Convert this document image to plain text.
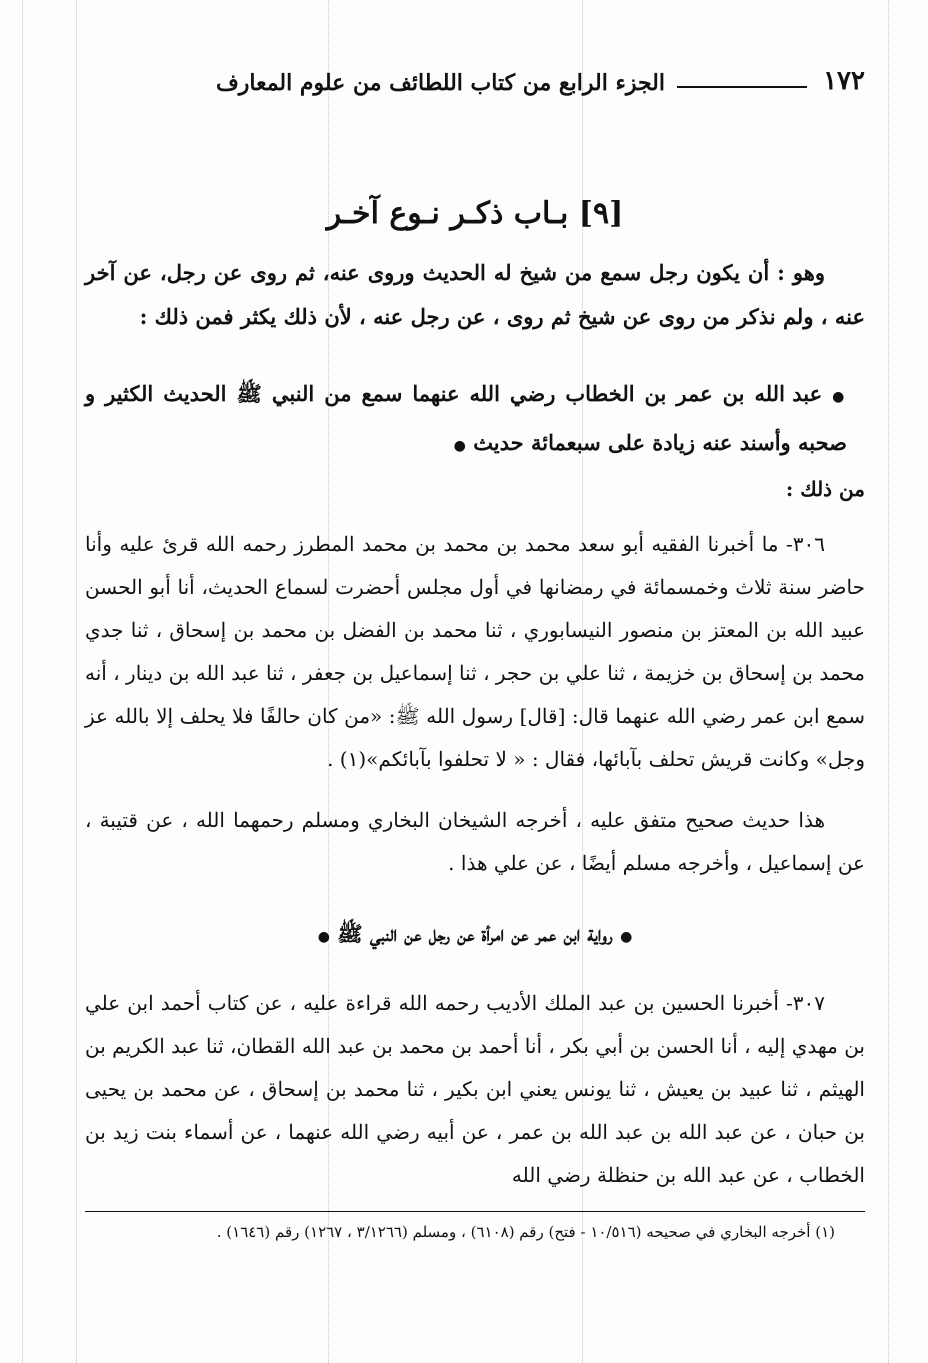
١٧٢
الجزء الرابع من كتاب اللطائف من علوم المعارف
[٩] بـاب ذكـر نـوع آخـر

وهو : أن يكون رجل سمع من شيخ له الحديث وروى عنه، ثم روى عن رجل، عن آخر عنه ، ولم نذكر من روى عن شيخ ثم روى ، عن رجل عنه ، لأن ذلك يكثر فمن ذلك :

● عبد الله بن عمر بن الخطاب رضي الله عنهما سمع من النبي ﷺ الحديث الكثير و صحبه وأسند عنه زيادة على سبعمائة حديث ●

من ذلك :

٣٠٦- ما أخبرنا الفقيه أبو سعد محمد بن محمد بن محمد المطرز رحمه الله قرئ عليه وأنا حاضر سنة ثلاث وخمسمائة في رمضانها في أول مجلس أحضرت لسماع الحديث، أنا أبو الحسن عبيد الله بن المعتز بن منصور النيسابوري ، ثنا محمد بن الفضل بن محمد بن إسحاق ، ثنا جدي محمد بن إسحاق بن خزيمة ، ثنا علي بن حجر ، ثنا إسماعيل بن جعفر ، ثنا عبد الله بن دينار ، أنه سمع ابن عمر رضي الله عنهما قال: [قال] رسول الله ﷺ: «من كان حالفًا فلا يحلف إلا بالله عز وجل» وكانت قريش تحلف بآبائها، فقال : « لا تحلفوا بآبائكم»(١) .

هذا حديث صحيح متفق عليه ، أخرجه الشيخان البخاري ومسلم رحمهما الله ، عن قتيبة ، عن إسماعيل ، وأخرجه مسلم أيضًا ، عن علي هذا .

● رواية ابن عمر عن امرأة عن رجل عن النبي ﷺ ●

٣٠٧- أخبرنا الحسين بن عبد الملك الأديب رحمه الله قراءة عليه ، عن كتاب أحمد ابن علي بن مهدي إليه ، أنا الحسن بن أبي بكر ، أنا أحمد بن محمد بن عبد الله القطان، ثنا عبد الكريم بن الهيثم ، ثنا عبيد بن يعيش ، ثنا يونس يعني ابن بكير ، ثنا محمد بن إسحاق ، عن محمد بن يحيى بن حبان ، عن عبد الله بن عبد الله بن عمر ، عن أبيه رضي الله عنهما ، عن أسماء بنت زيد بن الخطاب ، عن عبد الله بن حنظلة رضي الله

(١) أخرجه البخاري في صحيحه (١٠/٥١٦ - فتح) رقم (٦١٠٨) ، ومسلم (٣/١٢٦٦ ، ١٢٦٧) رقم (١٦٤٦) .
